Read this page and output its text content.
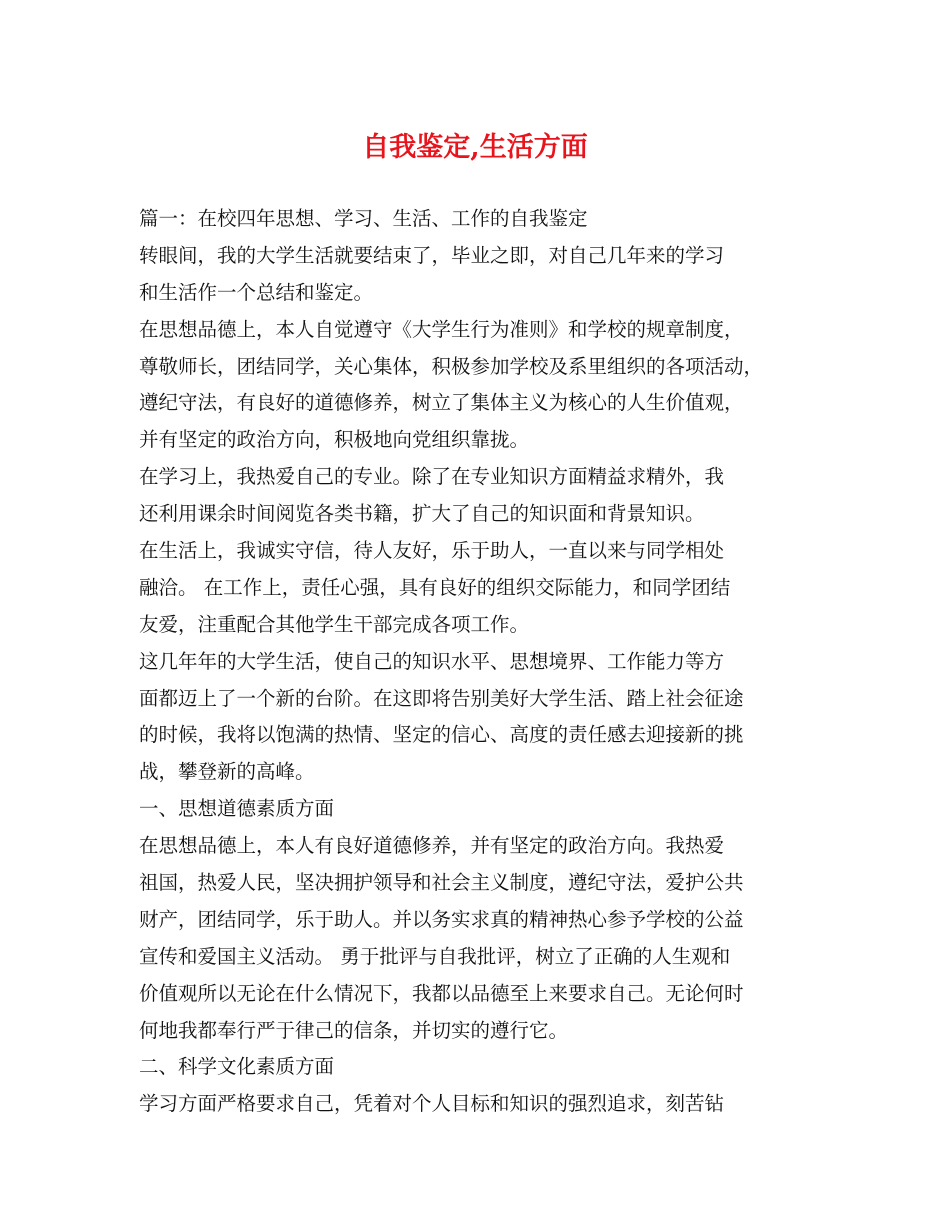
自我鉴定,生活方面
篇一：在校四年思想、学习、生活、工作的自我鉴定
转眼间，我的大学生活就要结束了，毕业之即，对自己几年来的学习
和生活作一个总结和鉴定。
在思想品德上，本人自觉遵守《大学生行为准则》和学校的规章制度，
尊敬师长，团结同学，关心集体，积极参加学校及系里组织的各项活动，
遵纪守法，有良好的道德修养，树立了集体主义为核心的人生价值观，
并有坚定的政治方向，积极地向党组织靠拢。
在学习上，我热爱自己的专业。除了在专业知识方面精益求精外，我
还利用课余时间阅览各类书籍，扩大了自己的知识面和背景知识。
在生活上，我诚实守信，待人友好，乐于助人，一直以来与同学相处
融洽。 在工作上，责任心强，具有良好的组织交际能力，和同学团结
友爱，注重配合其他学生干部完成各项工作。
这几年年的大学生活，使自己的知识水平、思想境界、工作能力等方
面都迈上了一个新的台阶。在这即将告别美好大学生活、踏上社会征途
的时候，我将以饱满的热情、坚定的信心、高度的责任感去迎接新的挑
战，攀登新的高峰。
一、思想道德素质方面
在思想品德上，本人有良好道德修养，并有坚定的政治方向。我热爱
祖国，热爱人民，坚决拥护领导和社会主义制度，遵纪守法，爱护公共
财产，团结同学，乐于助人。并以务实求真的精神热心参予学校的公益
宣传和爱国主义活动。 勇于批评与自我批评，树立了正确的人生观和
价值观所以无论在什么情况下，我都以品德至上来要求自己。无论何时
何地我都奉行严于律己的信条，并切实的遵行它。
二、科学文化素质方面
学习方面严格要求自己，凭着对个人目标和知识的强烈追求，刻苦钻
